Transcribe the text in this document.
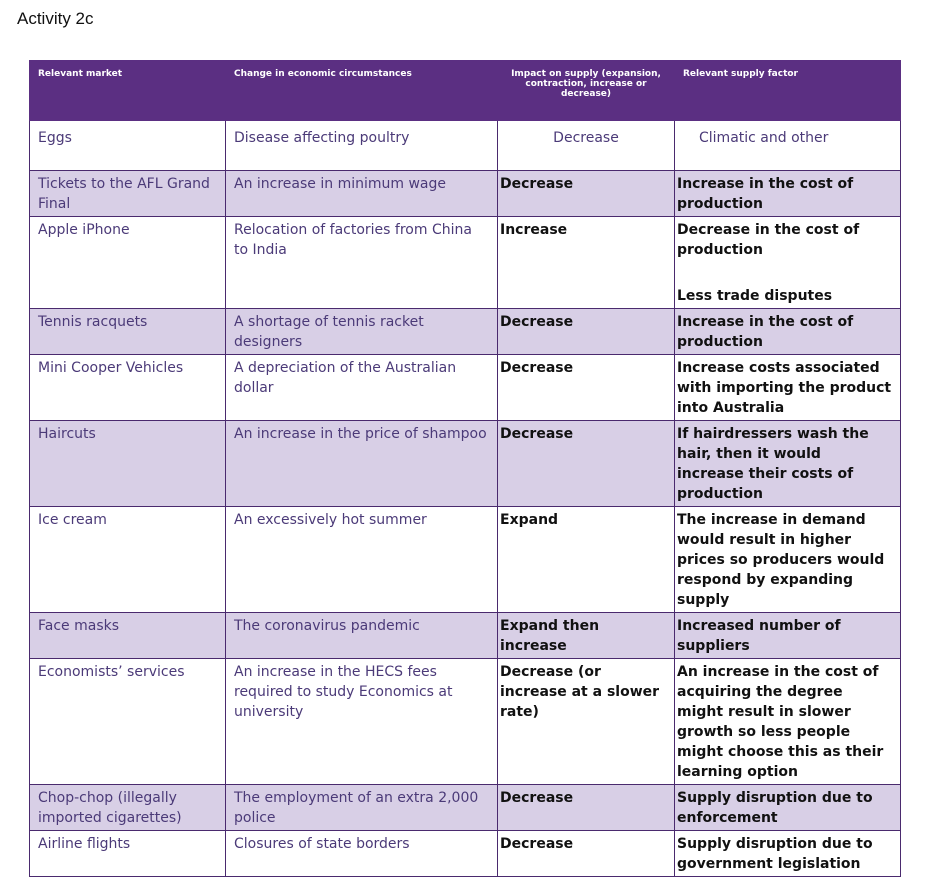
Activity 2c
Relevant market	Change in economic circumstances	Impact on supply (expansion, contraction, increase or decrease)	Relevant supply factor
Eggs	Disease affecting poultry	Decrease	Climatic and other
Tickets to the AFL Grand Final	An increase in minimum wage	Decrease	Increase in the cost of production
Apple iPhone	Relocation of factories from China to India	Increase	Decrease in the cost of production
Less trade disputes
Tennis racquets	A shortage of tennis racket designers	Decrease	Increase in the cost of production
Mini Cooper Vehicles	A depreciation of the Australian dollar	Decrease	Increase costs associated with importing the product into Australia
Haircuts	An increase in the price of shampoo	Decrease	If hairdressers wash the hair, then it would increase their costs of production
Ice cream	An excessively hot summer	Expand	The increase in demand would result in higher prices so producers would respond by expanding supply
Face masks	The coronavirus pandemic	Expand then increase	Increased number of suppliers
Economists’ services	An increase in the HECS fees required to study Economics at university	Decrease (or increase at a slower rate)	An increase in the cost of acquiring the degree might result in slower growth so less people might choose this as their learning option
Chop-chop (illegally imported cigarettes)	The employment of an extra 2,000 police	Decrease	Supply disruption due to enforcement
Airline flights	Closures of state borders	Decrease	Supply disruption due to government legislation
